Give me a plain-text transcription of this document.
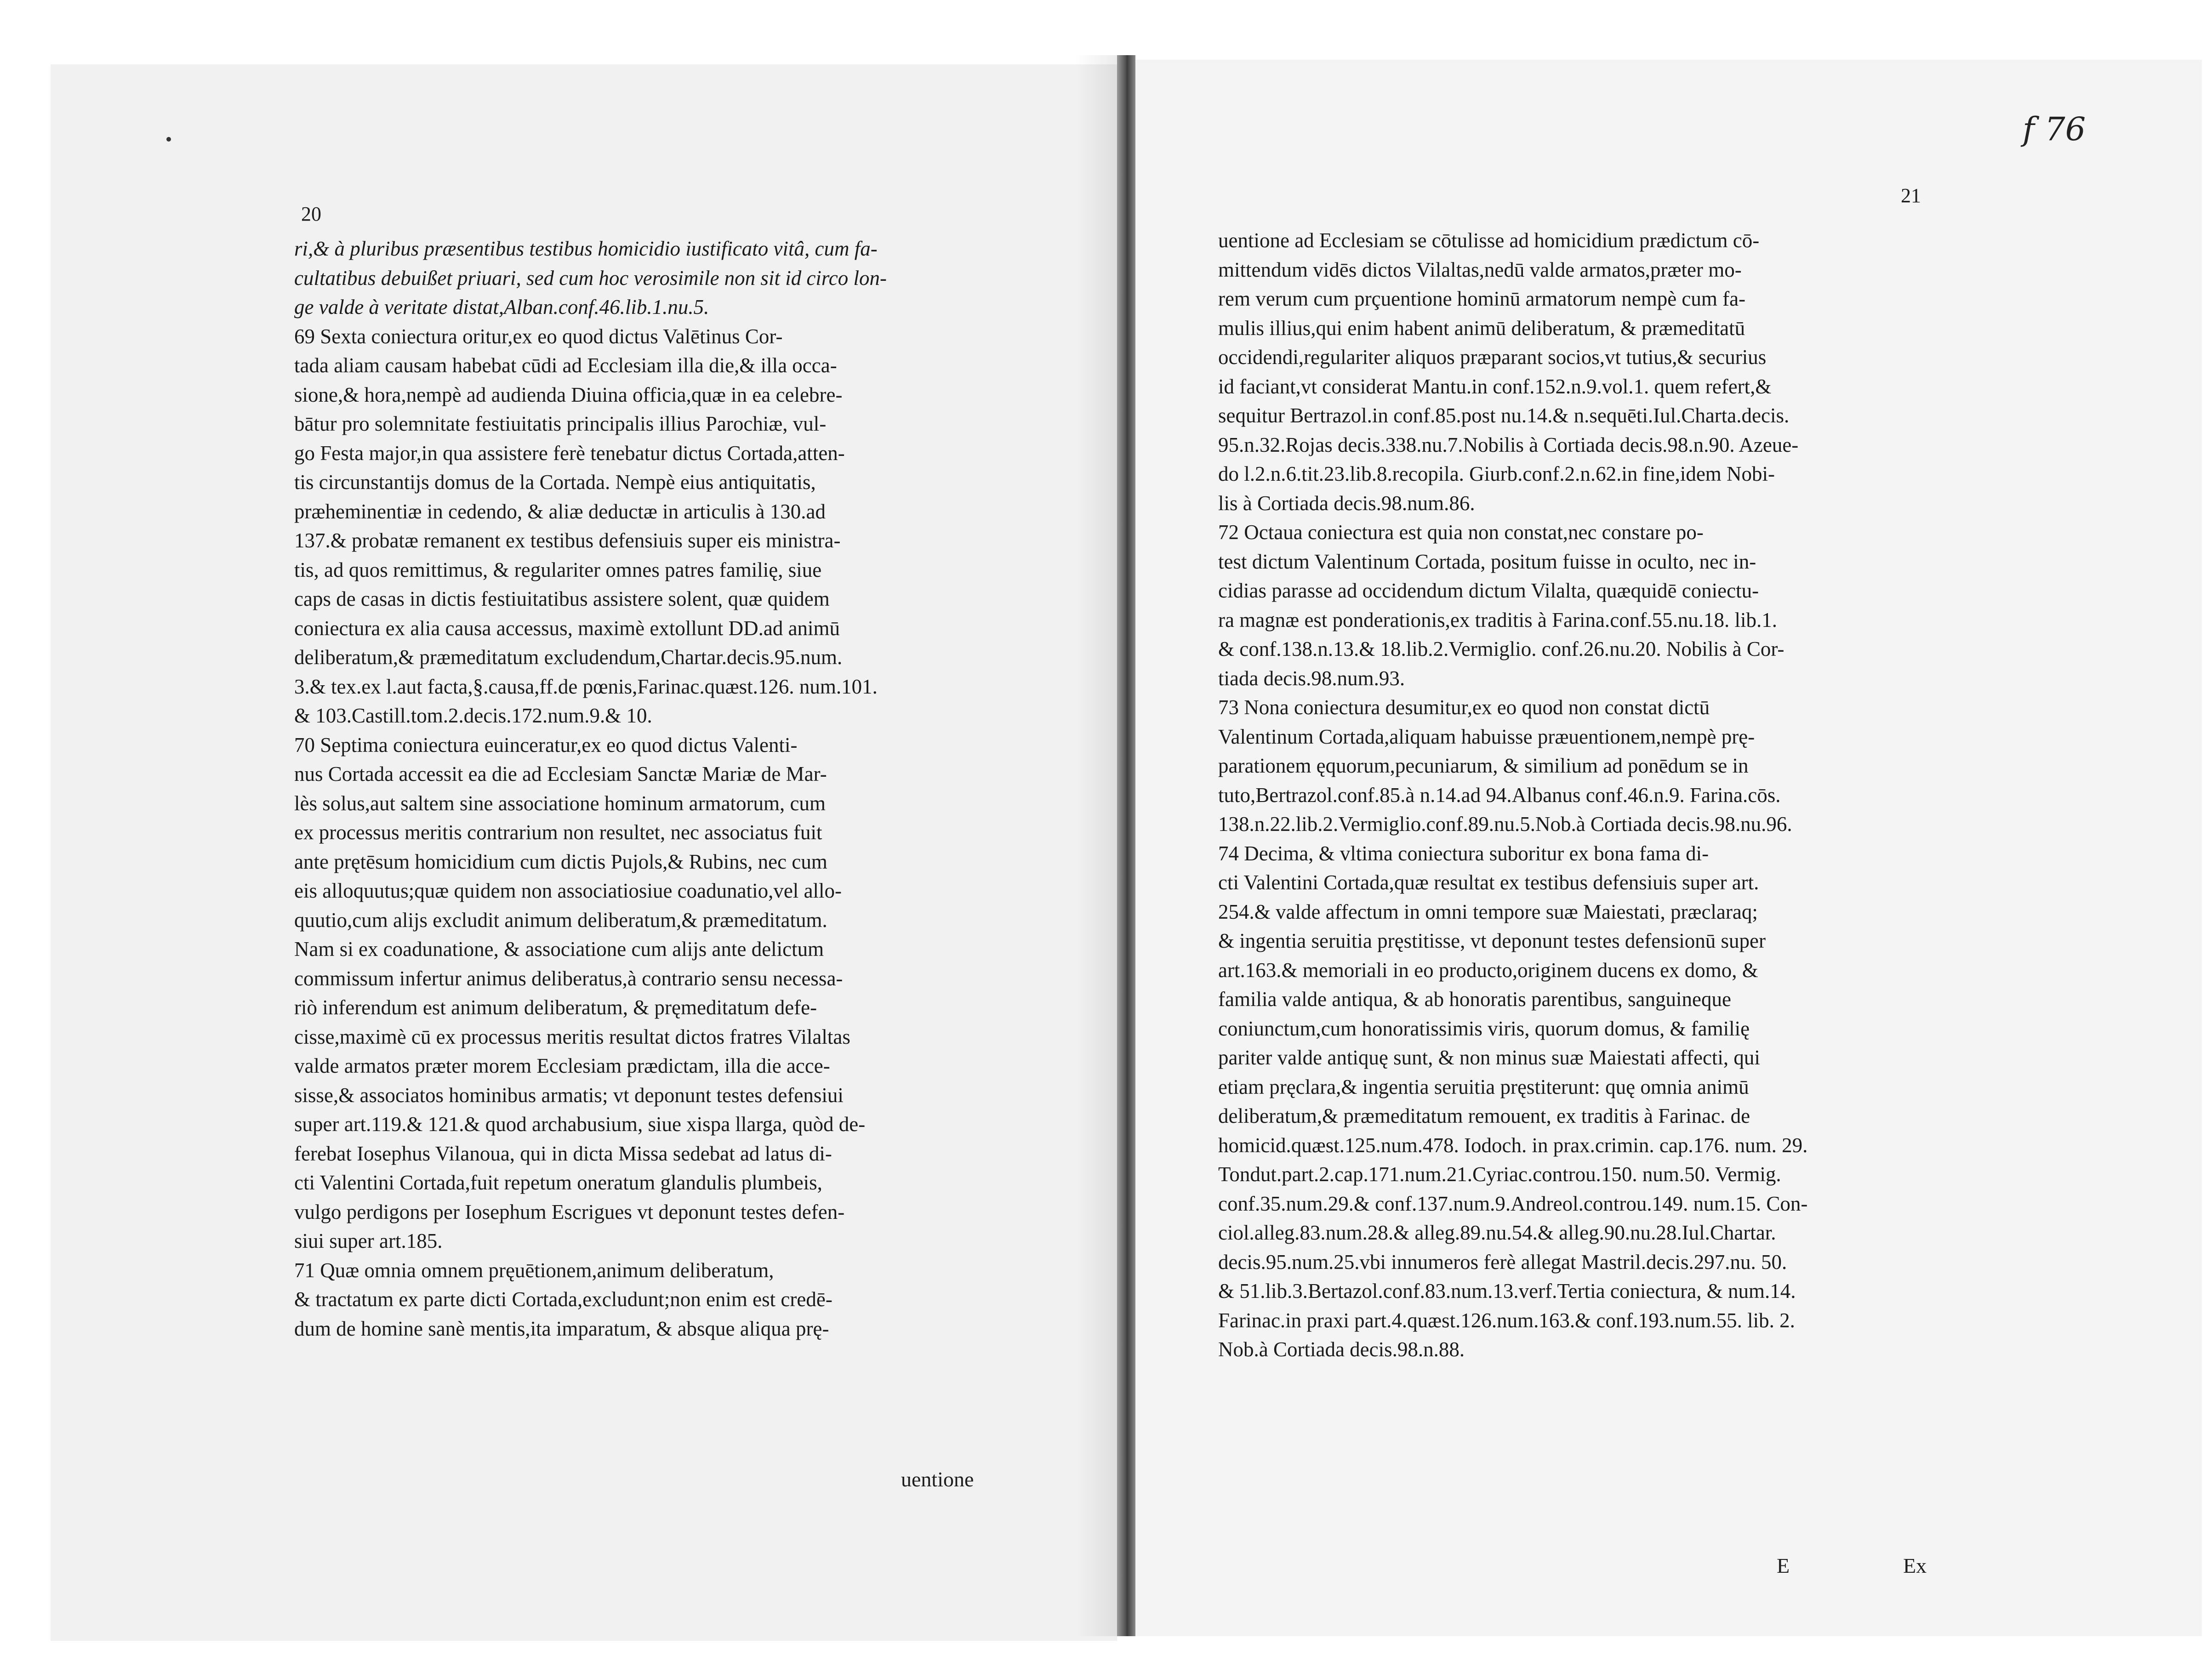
20
21
f 76
ri,& à pluribus præsentibus testibus homicidio iustificato vitâ, cum fa-
cultatibus debuißet priuari, sed cum hoc verosimile non sit id circo lon-
ge valde à veritate distat,Alban.conf.46.lib.1.nu.5.
69 Sexta coniectura oritur,ex eo quod dictus Valētinus Cor-
tada aliam causam habebat cūdi ad Ecclesiam illa die,& illa occa-
sione,& hora,nempè ad audienda Diuina officia,quæ in ea celebre-
bātur pro solemnitate festiuitatis principalis illius Parochiæ, vul-
go Festa major,in qua assistere ferè tenebatur dictus Cortada,atten-
tis circunstantijs domus de la Cortada. Nempè eius antiquitatis,
præheminentiæ in cedendo, & aliæ deductæ in articulis à 130.ad
137.& probatæ remanent ex testibus defensiuis super eis ministra-
tis, ad quos remittimus, & regulariter omnes patres familię, siue
caps de casas in dictis festiuitatibus assistere solent, quæ quidem
coniectura ex alia causa accessus, maximè extollunt DD.ad animū
deliberatum,& præmeditatum excludendum,Chartar.decis.95.num.
3.& tex.ex l.aut facta,§.causa,ff.de pœnis,Farinac.quæst.126. num.101.
& 103.Castill.tom.2.decis.172.num.9.& 10.
70 Septima coniectura euinceratur,ex eo quod dictus Valenti-
nus Cortada accessit ea die ad Ecclesiam Sanctæ Mariæ de Mar-
lès solus,aut saltem sine associatione hominum armatorum, cum
ex processus meritis contrarium non resultet, nec associatus fuit
ante prętēsum homicidium cum dictis Pujols,& Rubins, nec cum
eis alloquutus;quæ quidem non associatiosiue coadunatio,vel allo-
quutio,cum alijs excludit animum deliberatum,& præmeditatum.
Nam si ex coadunatione, & associatione cum alijs ante delictum
commissum infertur animus deliberatus,à contrario sensu necessa-
riò inferendum est animum deliberatum, & pręmeditatum defe-
cisse,maximè cū ex processus meritis resultat dictos fratres Vilaltas
valde armatos præter morem Ecclesiam prædictam, illa die acce-
sisse,& associatos hominibus armatis; vt deponunt testes defensiui
super art.119.& 121.& quod archabusium, siue xispa llarga, quòd de-
ferebat Iosephus Vilanoua, qui in dicta Missa sedebat ad latus di-
cti Valentini Cortada,fuit repetum oneratum glandulis plumbeis,
vulgo perdigons per Iosephum Escrigues vt deponunt testes defen-
siui super art.185.
71 Quæ omnia omnem pręuētionem,animum deliberatum,
& tractatum ex parte dicti Cortada,excludunt;non enim est credē-
dum de homine sanè mentis,ita imparatum, & absque aliqua prę-
uentione ad Ecclesiam se cōtulisse ad homicidium prædictum cō-
mittendum vidēs dictos Vilaltas,nedū valde armatos,præter mo-
rem verum cum prçuentione hominū armatorum nempè cum fa-
mulis illius,qui enim habent animū deliberatum, & præmeditatū
occidendi,regulariter aliquos præparant socios,vt tutius,& securius
id faciant,vt considerat Mantu.in conf.152.n.9.vol.1. quem refert,&
sequitur Bertrazol.in conf.85.post nu.14.& n.sequēti.Iul.Charta.decis.
95.n.32.Rojas decis.338.nu.7.Nobilis à Cortiada decis.98.n.90. Azeue-
do l.2.n.6.tit.23.lib.8.recopila. Giurb.conf.2.n.62.in fine,idem Nobi-
lis à Cortiada decis.98.num.86.
72 Octaua coniectura est quia non constat,nec constare po-
test dictum Valentinum Cortada, positum fuisse in oculto, nec in-
cidias parasse ad occidendum dictum Vilalta, quæquidē coniectu-
ra magnæ est ponderationis,ex traditis à Farina.conf.55.nu.18. lib.1.
& conf.138.n.13.& 18.lib.2.Vermiglio. conf.26.nu.20. Nobilis à Cor-
tiada decis.98.num.93.
73 Nona coniectura desumitur,ex eo quod non constat dictū
Valentinum Cortada,aliquam habuisse præuentionem,nempè prę-
parationem ęquorum,pecuniarum, & similium ad ponēdum se in
tuto,Bertrazol.conf.85.à n.14.ad 94.Albanus conf.46.n.9. Farina.cōs.
138.n.22.lib.2.Vermiglio.conf.89.nu.5.Nob.à Cortiada decis.98.nu.96.
74 Decima, & vltima coniectura suboritur ex bona fama di-
cti Valentini Cortada,quæ resultat ex testibus defensiuis super art.
254.& valde affectum in omni tempore suæ Maiestati, præclaraq;
& ingentia seruitia pręstitisse, vt deponunt testes defensionū super
art.163.& memoriali in eo producto,originem ducens ex domo, &
familia valde antiqua, & ab honoratis parentibus, sanguineque
coniunctum,cum honoratissimis viris, quorum domus, & familię
pariter valde antiquę sunt, & non minus suæ Maiestati affecti, qui
etiam pręclara,& ingentia seruitia pręstiterunt: quę omnia animū
deliberatum,& præmeditatum remouent, ex traditis à Farinac. de
homicid.quæst.125.num.478. Iodoch. in prax.crimin. cap.176. num. 29.
Tondut.part.2.cap.171.num.21.Cyriac.controu.150. num.50. Vermig.
conf.35.num.29.& conf.137.num.9.Andreol.controu.149. num.15. Con-
ciol.alleg.83.num.28.& alleg.89.nu.54.& alleg.90.nu.28.Iul.Chartar.
decis.95.num.25.vbi innumeros ferè allegat Mastril.decis.297.nu. 50.
& 51.lib.3.Bertazol.conf.83.num.13.verf.Tertia coniectura, & num.14.
Farinac.in praxi part.4.quæst.126.num.163.& conf.193.num.55. lib. 2.
Nob.à Cortiada decis.98.n.88.
uentione
E	Ex
